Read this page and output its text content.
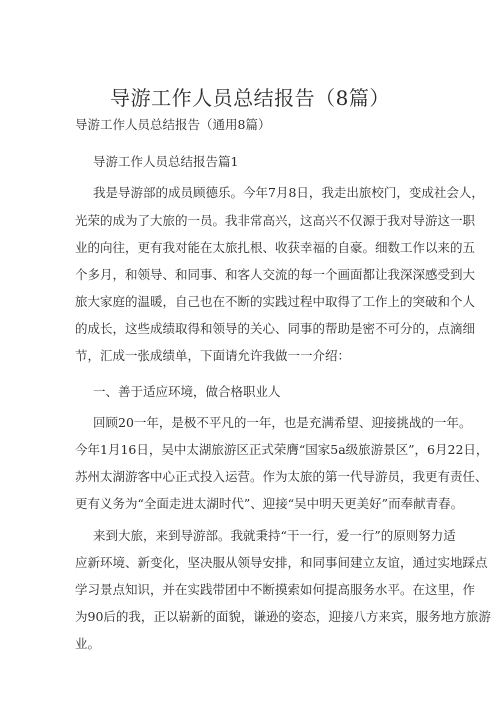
导游工作人员总结报告（8篇）
导游工作人员总结报告（通用8篇）
导游工作人员总结报告篇1
我是导游部的成员顾德乐。今年7月8日，我走出旅校门，变成社会人，
光荣的成为了大旅的一员。我非常高兴，这高兴不仅源于我对导游这一职
业的向往，更有我对能在太旅扎根、收获幸福的自豪。细数工作以来的五
个多月，和领导、和同事、和客人交流的每一个画面都让我深深感受到大
旅大家庭的温暖，自己也在不断的实践过程中取得了工作上的突破和个人
的成长，这些成绩取得和领导的关心、同事的帮助是密不可分的，点滴细
节，汇成一张成绩单，下面请允许我做一一介绍：
一、善于适应环境，做合格职业人
回顾20一年，是极不平凡的一年，也是充满希望、迎接挑战的一年。
今年1月16日，吴中太湖旅游区正式荣膺“国家5a级旅游景区”，6月22日，
苏州太湖游客中心正式投入运营。作为太旅的第一代导游员，我更有责任、
更有义务为“全面走进太湖时代”、迎接“吴中明天更美好”而奉献青春。
来到大旅，来到导游部。我就秉持“干一行，爱一行”的原则努力适
应新环境、新变化，坚决服从领导安排，和同事间建立友谊，通过实地踩点
学习景点知识，并在实践带团中不断摸索如何提高服务水平。在这里，作
为90后的我，正以崭新的面貌，谦逊的姿态，迎接八方来宾，服务地方旅游
业。
